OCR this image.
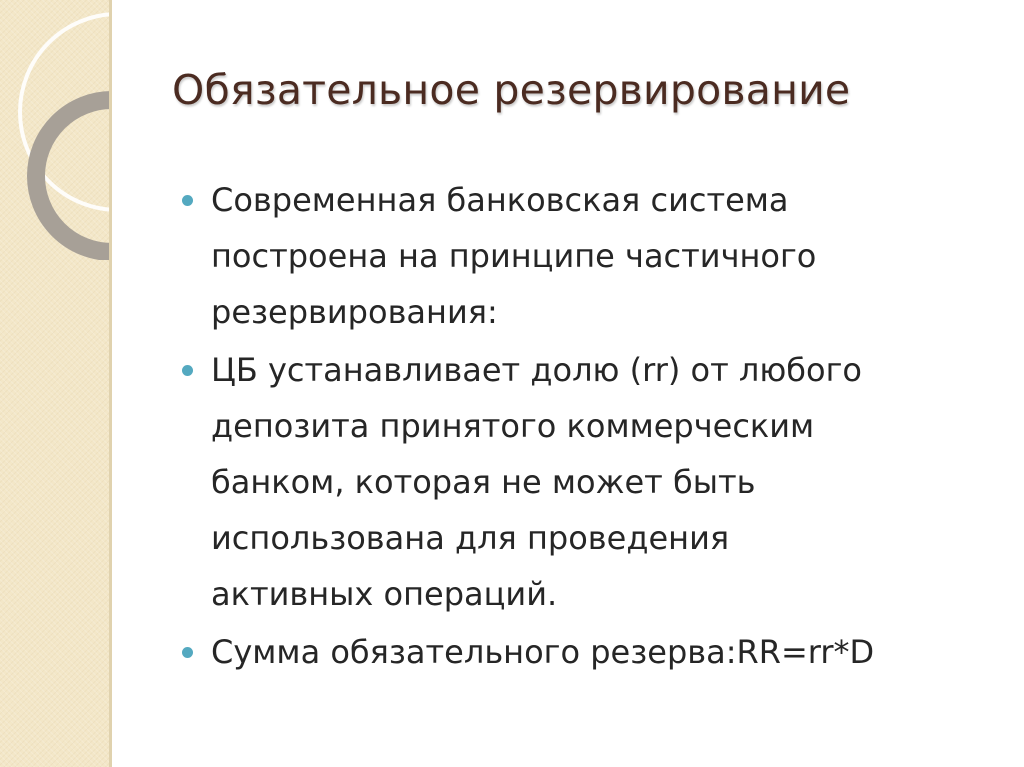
Обязательное резервирование
Современная банковская система
построена на принципе частичного
резервирования:
ЦБ устанавливает долю (rr) от любого
депозита принятого коммерческим
банком, которая не может быть
использована для проведения
активных операций.
Сумма обязательного резерва:RR=rr*D
